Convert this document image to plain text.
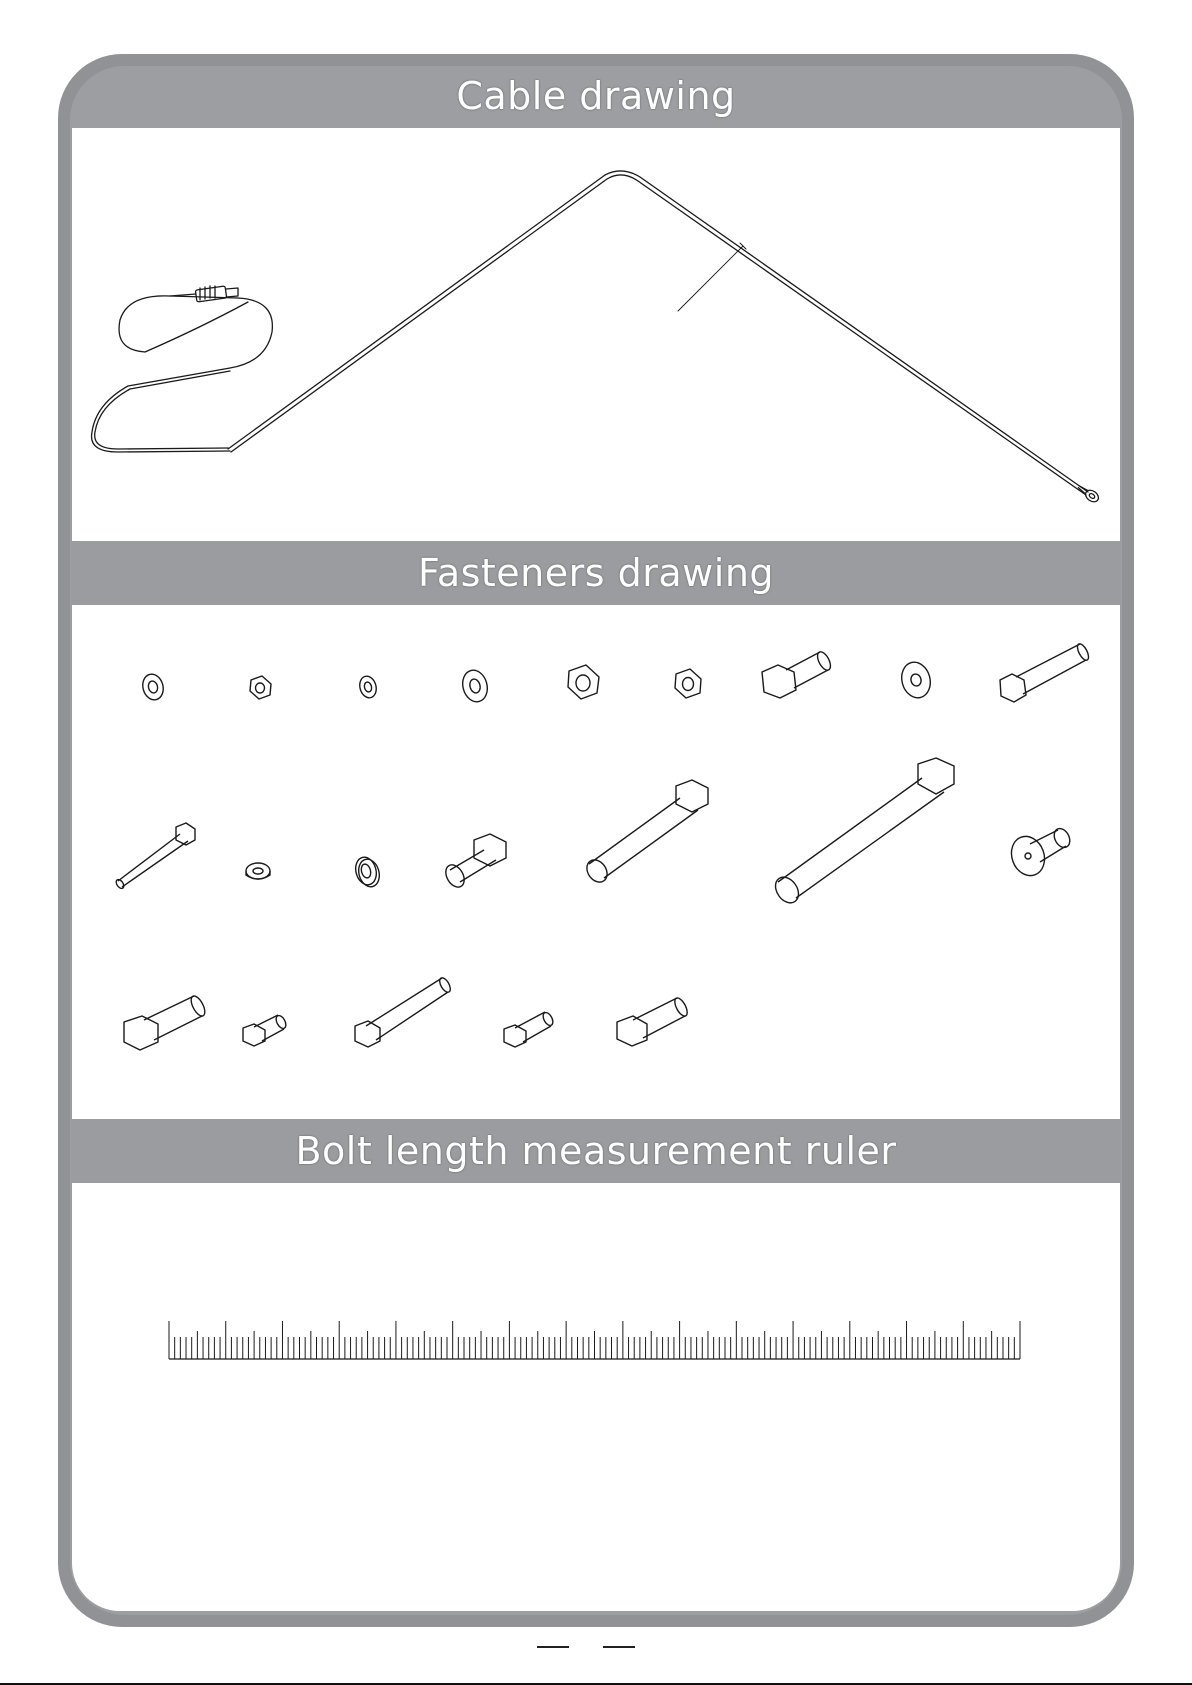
Cable drawing
Fasteners drawing
Bolt length measurement ruler
